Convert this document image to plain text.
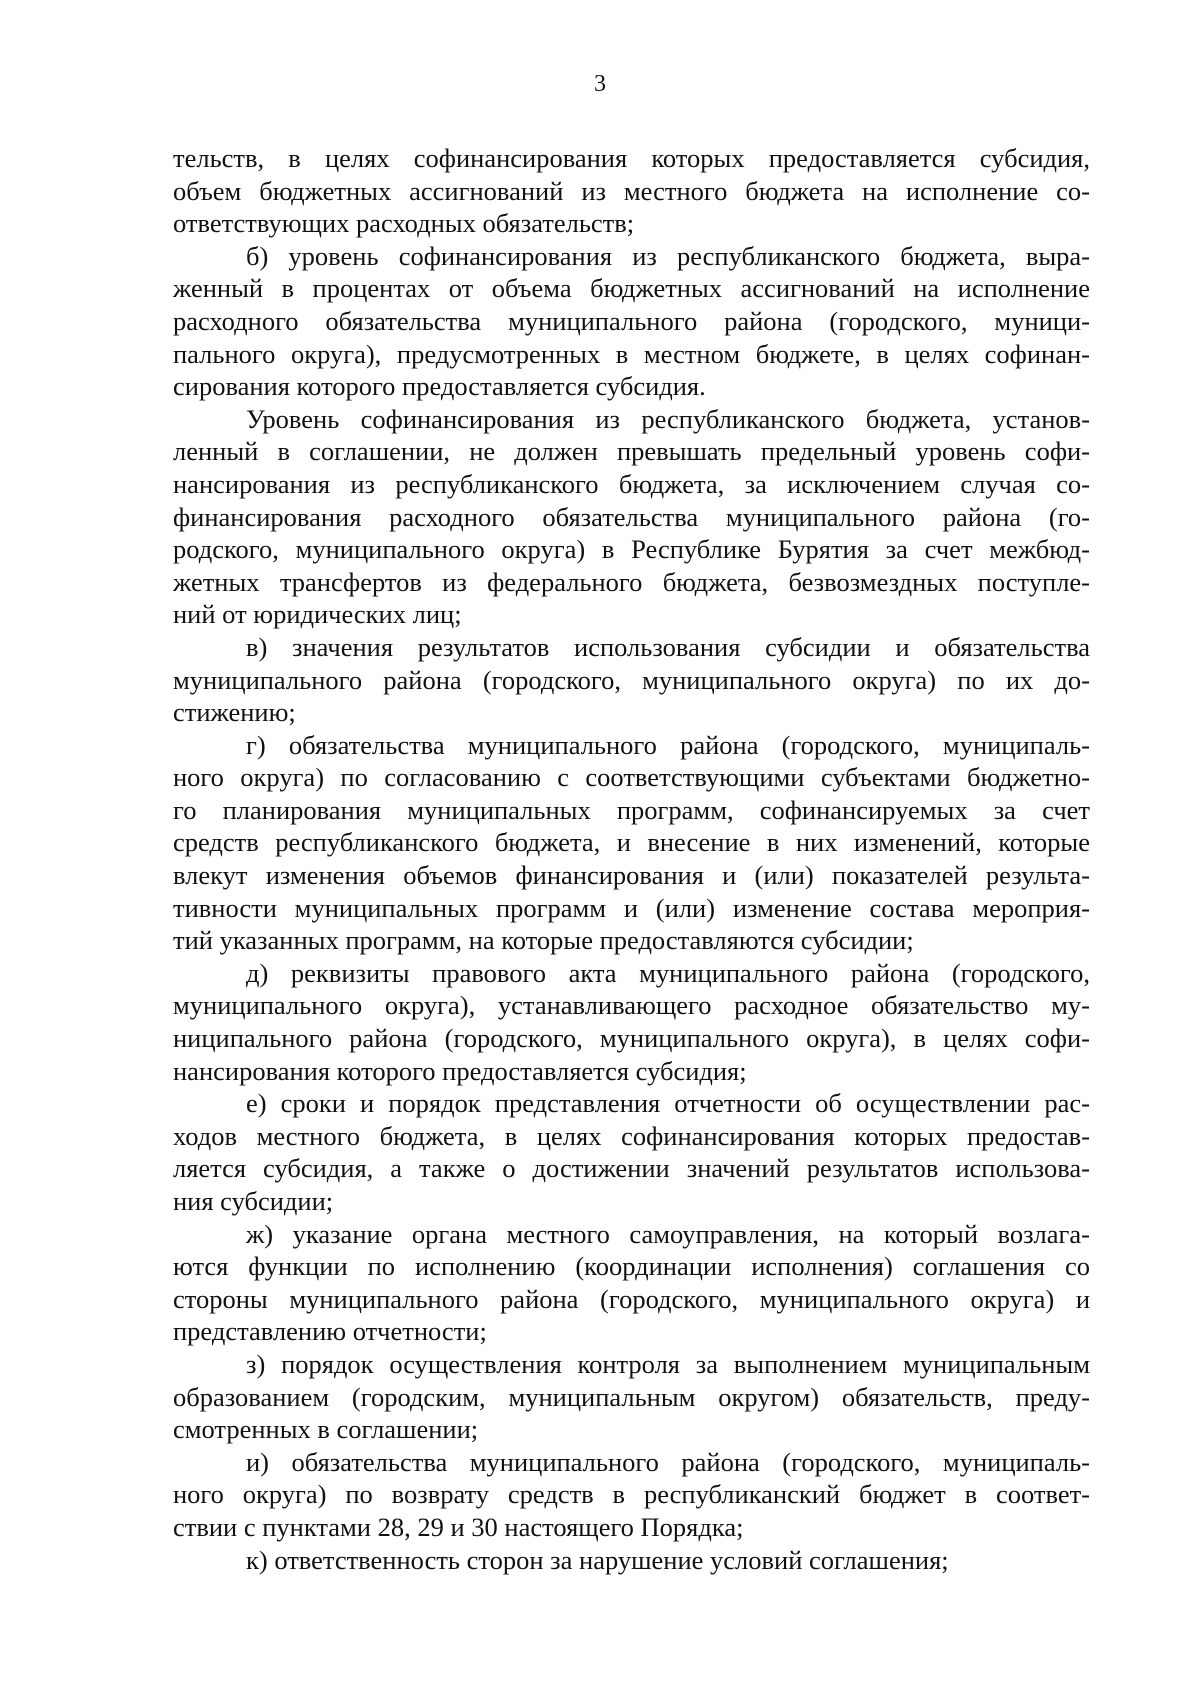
3
тельств, в целях софинансирования которых предоставляется субсидия,
объем бюджетных ассигнований из местного бюджета на исполнение со-
ответствующих расходных обязательств;
б) уровень софинансирования из республиканского бюджета, выра-
женный в процентах от объема бюджетных ассигнований на исполнение
расходного обязательства муниципального района (городского, муници-
пального округа), предусмотренных в местном бюджете, в целях софинан-
сирования которого предоставляется субсидия.
Уровень софинансирования из республиканского бюджета, установ-
ленный в соглашении, не должен превышать предельный уровень софи-
нансирования из республиканского бюджета, за исключением случая со-
финансирования расходного обязательства муниципального района (го-
родского, муниципального округа) в Республике Бурятия за счет межбюд-
жетных трансфертов из федерального бюджета, безвозмездных поступле-
ний от юридических лиц;
в) значения результатов использования субсидии и обязательства
муниципального района (городского, муниципального округа) по их до-
стижению;
г) обязательства муниципального района (городского, муниципаль-
ного округа) по согласованию с соответствующими субъектами бюджетно-
го планирования муниципальных программ, софинансируемых за счет
средств республиканского бюджета, и внесение в них изменений, которые
влекут изменения объемов финансирования и (или) показателей результа-
тивности муниципальных программ и (или) изменение состава мероприя-
тий указанных программ, на которые предоставляются субсидии;
д) реквизиты правового акта муниципального района (городского,
муниципального округа), устанавливающего расходное обязательство му-
ниципального района (городского, муниципального округа), в целях софи-
нансирования которого предоставляется субсидия;
е) сроки и порядок представления отчетности об осуществлении рас-
ходов местного бюджета, в целях софинансирования которых предостав-
ляется субсидия, а также о достижении значений результатов использова-
ния субсидии;
ж) указание органа местного самоуправления, на который возлага-
ются функции по исполнению (координации исполнения) соглашения со
стороны муниципального района (городского, муниципального округа) и
представлению отчетности;
з) порядок осуществления контроля за выполнением муниципальным
образованием (городским, муниципальным округом) обязательств, преду-
смотренных в соглашении;
и) обязательства муниципального района (городского, муниципаль-
ного округа) по возврату средств в республиканский бюджет в соответ-
ствии с пунктами 28, 29 и 30 настоящего Порядка;
к) ответственность сторон за нарушение условий соглашения;
